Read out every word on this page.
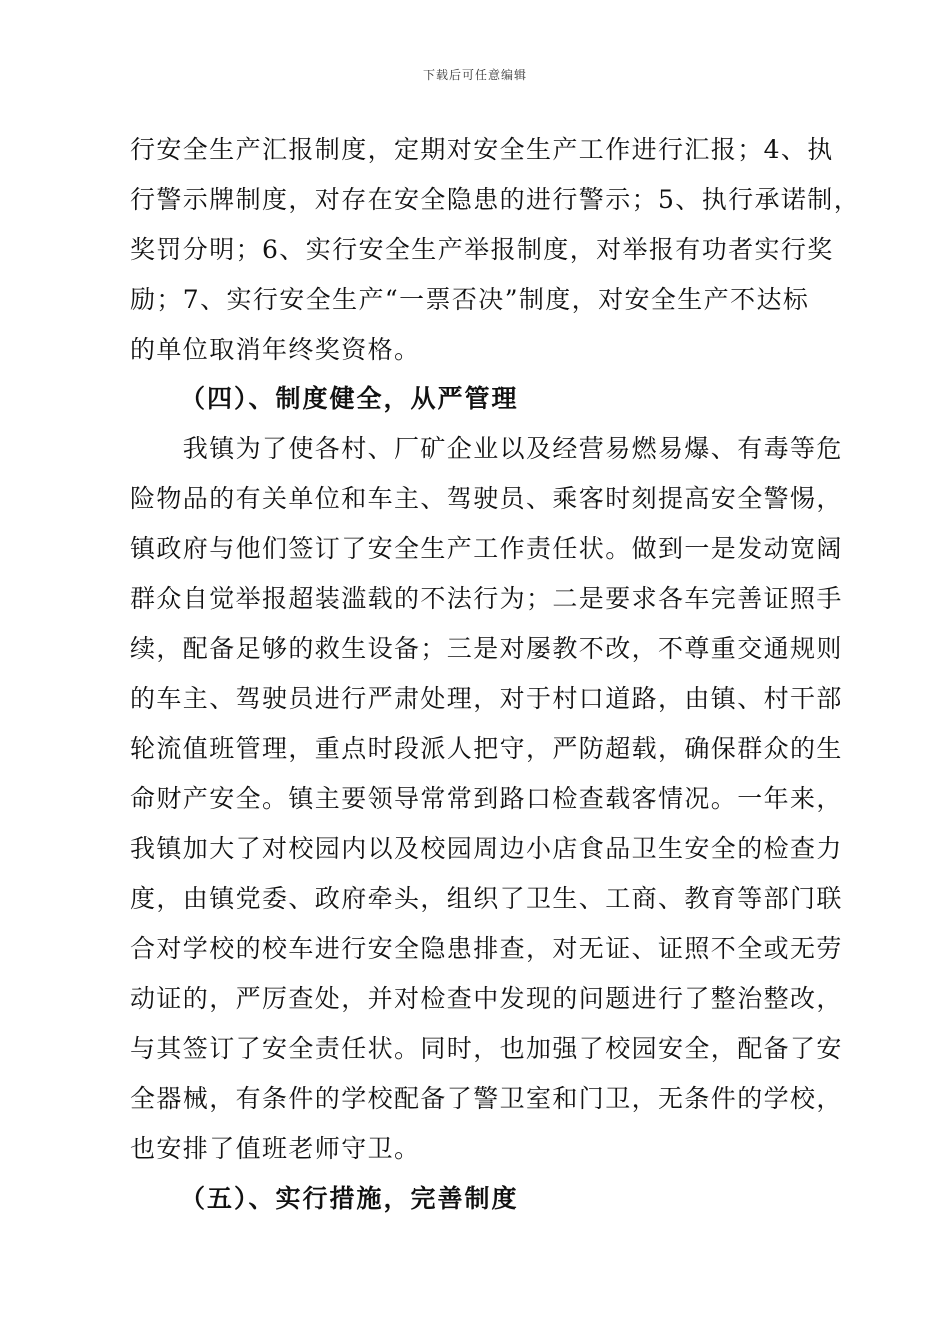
下载后可任意编辑
行安全生产汇报制度，定期对安全生产工作进行汇报；4、执
行警示牌制度，对存在安全隐患的进行警示；5、执行承诺制，
奖罚分明；6、实行安全生产举报制度，对举报有功者实行奖
励；7、实行安全生产“一票否决”制度，对安全生产不达标
的单位取消年终奖资格。
（四）、制度健全，从严管理
　　我镇为了使各村、厂矿企业以及经营易燃易爆、有毒等危
险物品的有关单位和车主、驾驶员、乘客时刻提高安全警惕，
镇政府与他们签订了安全生产工作责任状。做到一是发动宽阔
群众自觉举报超装滥载的不法行为；二是要求各车完善证照手
续，配备足够的救生设备；三是对屡教不改，不尊重交通规则
的车主、驾驶员进行严肃处理，对于村口道路，由镇、村干部
轮流值班管理，重点时段派人把守，严防超载，确保群众的生
命财产安全。镇主要领导常常到路口检查载客情况。一年来，
我镇加大了对校园内以及校园周边小店食品卫生安全的检查力
度，由镇党委、政府牵头，组织了卫生、工商、教育等部门联
合对学校的校车进行安全隐患排查，对无证、证照不全或无劳
动证的，严厉查处，并对检查中发现的问题进行了整治整改，
与其签订了安全责任状。同时，也加强了校园安全，配备了安
全器械，有条件的学校配备了警卫室和门卫，无条件的学校，
也安排了值班老师守卫。
（五）、实行措施，完善制度
